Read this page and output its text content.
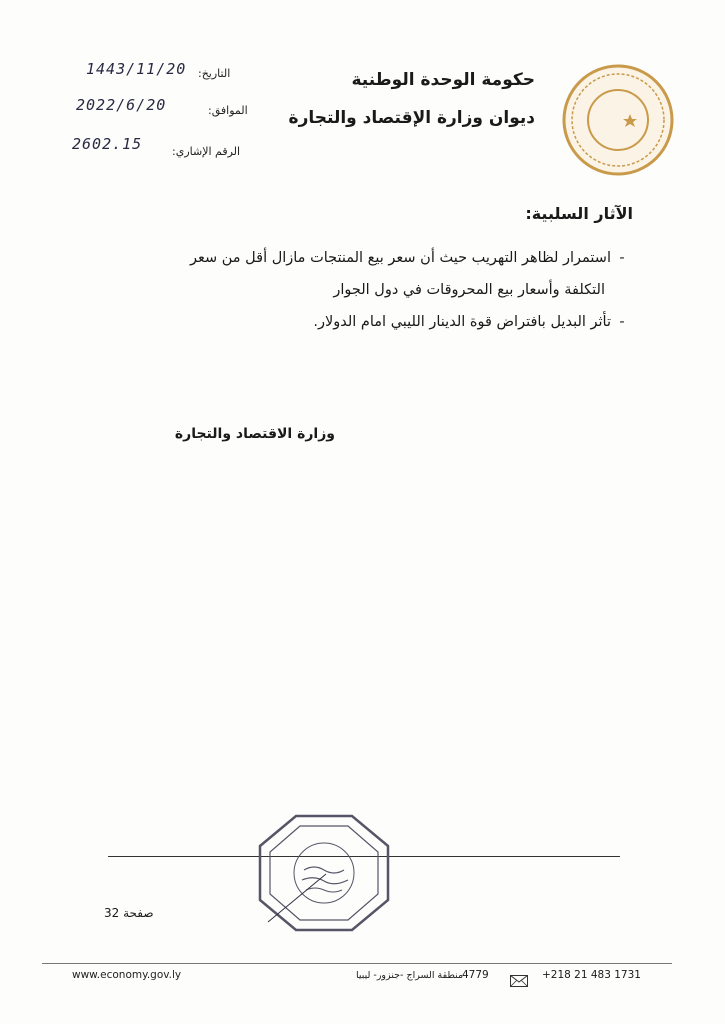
حكومة الوحدة الوطنية
ديوان وزارة الإقتصاد والتجارة
التاريخ:
1443/11/20
الموافق:
2022/6/20
الرقم الإشاري:
2602.15
الآثار السلبية:
-استمرار لظاهر التهريب حيث أن سعر بيع المنتجات مازال أقل من سعر
التكلفة وأسعار بيع المحروقات في دول الجوار
-تأثر البديل بافتراض قوة الدينار الليبي امام الدولار.
وزارة الاقتصاد والتجارة
صفحة 32
www.economy.gov.ly	منطقة السراج -جنزور- ليبيا
4779	+218 21 483 1731
